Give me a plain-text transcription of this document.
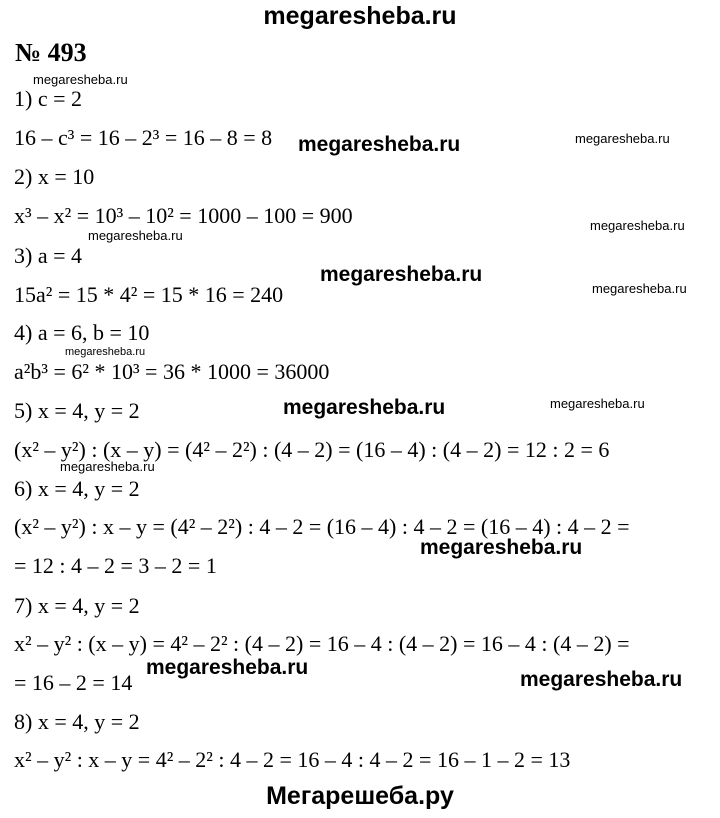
megaresheba.ru
№ 493
megaresheba.ru
megaresheba.ru
megaresheba.ru
megaresheba.ru
megaresheba.ru
megaresheba.ru
megaresheba.ru
megaresheba.ru
1) c = 2
16 – c³ = 16 – 2³ = 16 – 8 = 8
2) x = 10
x³ – x² = 10³ – 10² = 1000 – 100 = 900
3) a = 4
15a² = 15 * 4² = 15 * 16 = 240
4) a = 6, b = 10
a²b³ = 6² * 10³ = 36 * 1000 = 36000
5) x = 4, y = 2
(x² – y²) : (x – y) = (4² – 2²) : (4 – 2) = (16 – 4) : (4 – 2) = 12 : 2 = 6
6) x = 4, y = 2
(x² – y²) : x – y = (4² – 2²) : 4 – 2 = (16 – 4) : 4 – 2 = (16 – 4) : 4 – 2 =
= 12 : 4 – 2 = 3 – 2 = 1
7) x = 4, y = 2
x² – y² : (x – y) = 4² – 2² : (4 – 2) = 16 – 4 : (4 – 2) = 16 – 4 : (4 – 2) =
= 16 – 2 = 14
8) x = 4, y = 2
x² – y² : x – y = 4² – 2² : 4 – 2 = 16 – 4 : 4 – 2 = 16 – 1 – 2 = 13
megaresheba.ru
megaresheba.ru
megaresheba.ru
megaresheba.ru
megaresheba.ru
megaresheba.ru
Мегарешеба.ру
